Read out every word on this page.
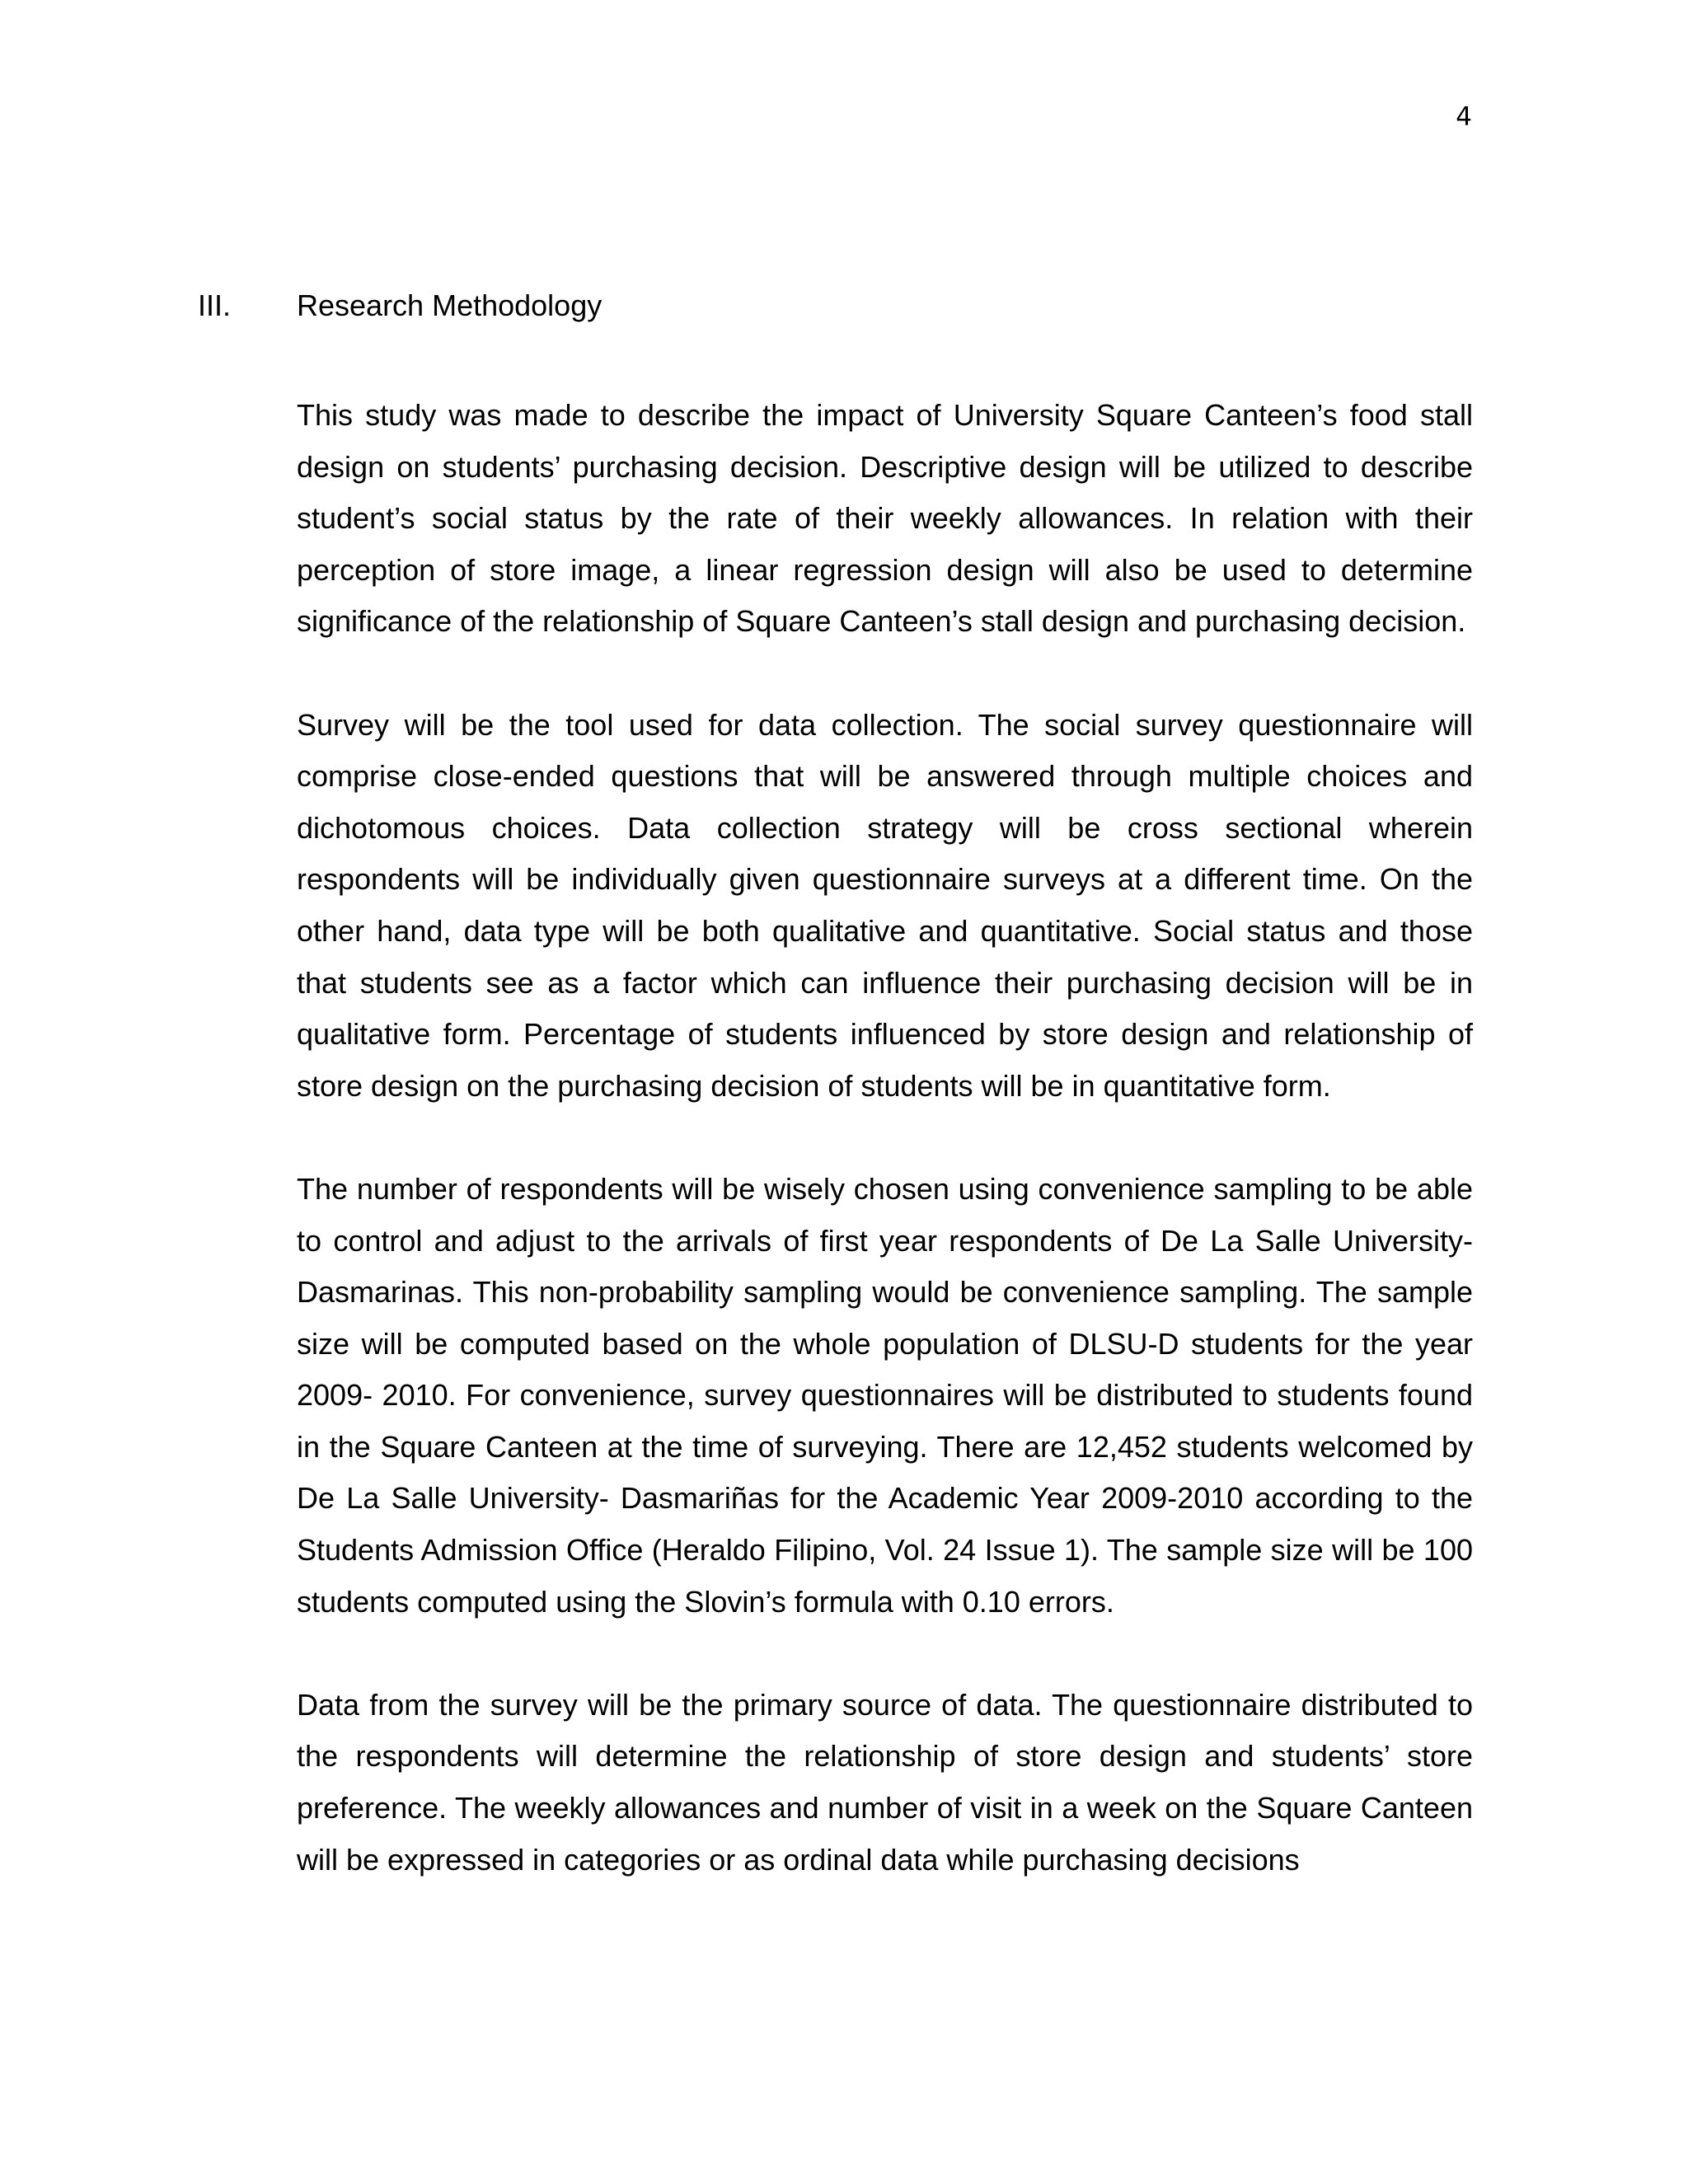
4
III. Research Methodology

This study was made to describe the impact of University Square Canteen’s food stall design on students’ purchasing decision. Descriptive design will be utilized to describe student’s social status by the rate of their weekly allowances. In relation with their perception of store image, a linear regression design will also be used to determine significance of the relationship of Square Canteen’s stall design and purchasing decision.

Survey will be the tool used for data collection. The social survey questionnaire will comprise close-ended questions that will be answered through multiple choices and dichotomous choices. Data collection strategy will be cross sectional wherein respondents will be individually given questionnaire surveys at a different time. On the other hand, data type will be both qualitative and quantitative. Social status and those that students see as a factor which can influence their purchasing decision will be in qualitative form. Percentage of students influenced by store design and relationship of store design on the purchasing decision of students will be in quantitative form.

The number of respondents will be wisely chosen using convenience sampling to be able to control and adjust to the arrivals of first year respondents of De La Salle University- Dasmarinas. This non-probability sampling would be convenience sampling. The sample size will be computed based on the whole population of DLSU-D students for the year 2009- 2010. For convenience, survey questionnaires will be distributed to students found in the Square Canteen at the time of surveying. There are 12,452 students welcomed by De La Salle University- Dasmariñas for the Academic Year 2009-2010 according to the Students Admission Office (Heraldo Filipino, Vol. 24 Issue 1). The sample size will be 100 students computed using the Slovin’s formula with 0.10 errors.

Data from the survey will be the primary source of data. The questionnaire distributed to the respondents will determine the relationship of store design and students’ store preference. The weekly allowances and number of visit in a week on the Square Canteen will be expressed in categories or as ordinal data while purchasing decisions
